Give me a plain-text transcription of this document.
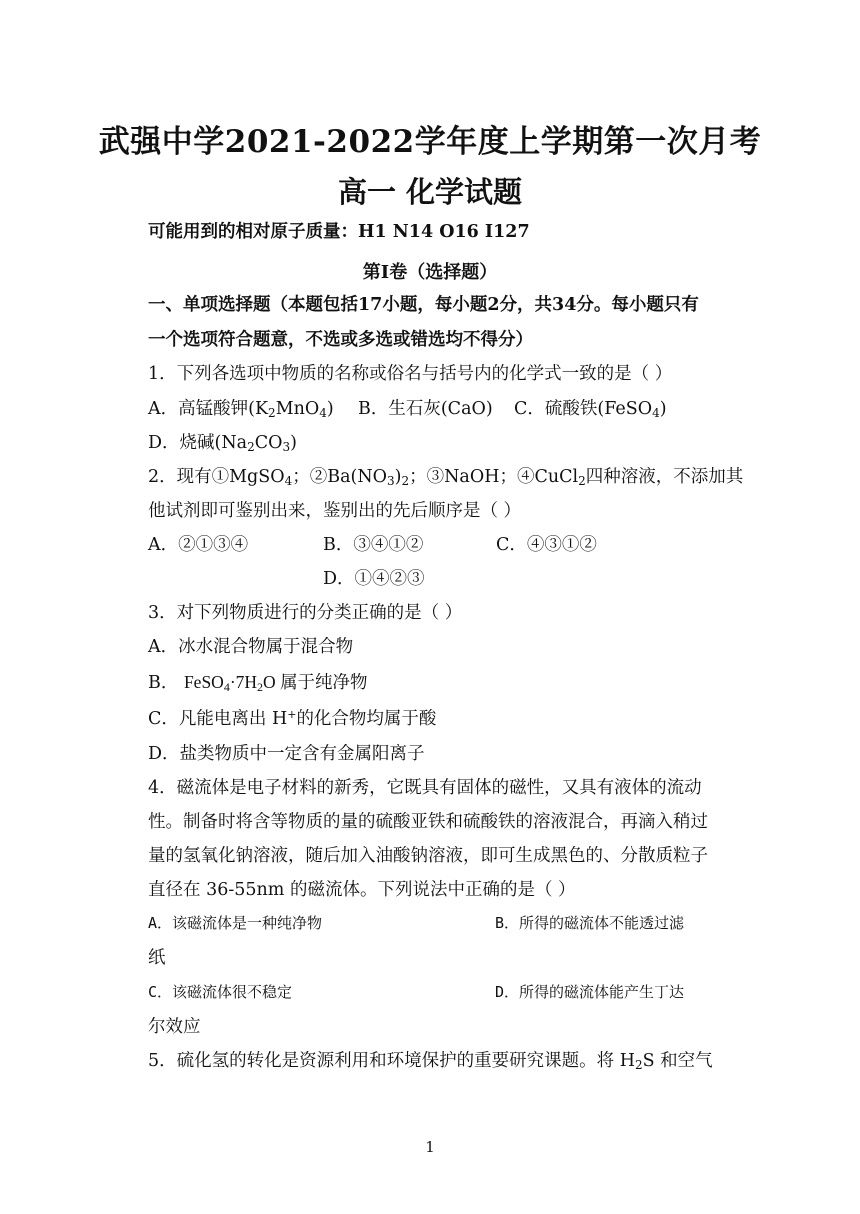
武强中学2021-2022学年度上学期第一次月考
高一 化学试题
可能用到的相对原子质量：H1 N14 O16 I127
第Ⅰ卷（选择题）
一、单项选择题（本题包括17小题，每小题2分，共34分。每小题只有
一个选项符合题意，不选或多选或错选均不得分）
1．下列各选项中物质的名称或俗名与括号内的化学式一致的是（ ）
A．高锰酸钾$(K_2MnO_4)$ B．生石灰(CaO) C．硫酸铁(FeSO$_4$)
D．烧碱$(Na_2CO_3)$
2．现有①MgSO$_4$；$②Ba(NO_3)_2$；③NaOH；④CuCl$_2$四种溶液，不添加其
他试剂即可鉴别出来，鉴别出的先后顺序是（ ）
A．②①③④	B．③④①②	C．④③①②
D．①④②③
3．对下列物质进行的分类正确的是（ ）
A．冰水混合物属于混合物
B． $FeSO_4\cdot 7H_2O$ 属于纯净物
C．凡能电离出 H+的化合物均属于酸
D．盐类物质中一定含有金属阳离子
4．磁流体是电子材料的新秀，它既具有固体的磁性，又具有液体的流动
性。制备时将含等物质的量的硫酸亚铁和硫酸铁的溶液混合，再滴入稍过
量的氢氧化钠溶液，随后加入油酸钠溶液，即可生成黑色的、分散质粒子
直径在 36-55nm 的磁流体。下列说法中正确的是（ ）
A．该磁流体是一种纯净物	B．所得的磁流体不能透过滤
纸
C．该磁流体很不稳定	D．所得的磁流体能产生丁达
尔效应
5．硫化氢的转化是资源利用和环境保护的重要研究课题。将 $H_2S$ 和空气
1
